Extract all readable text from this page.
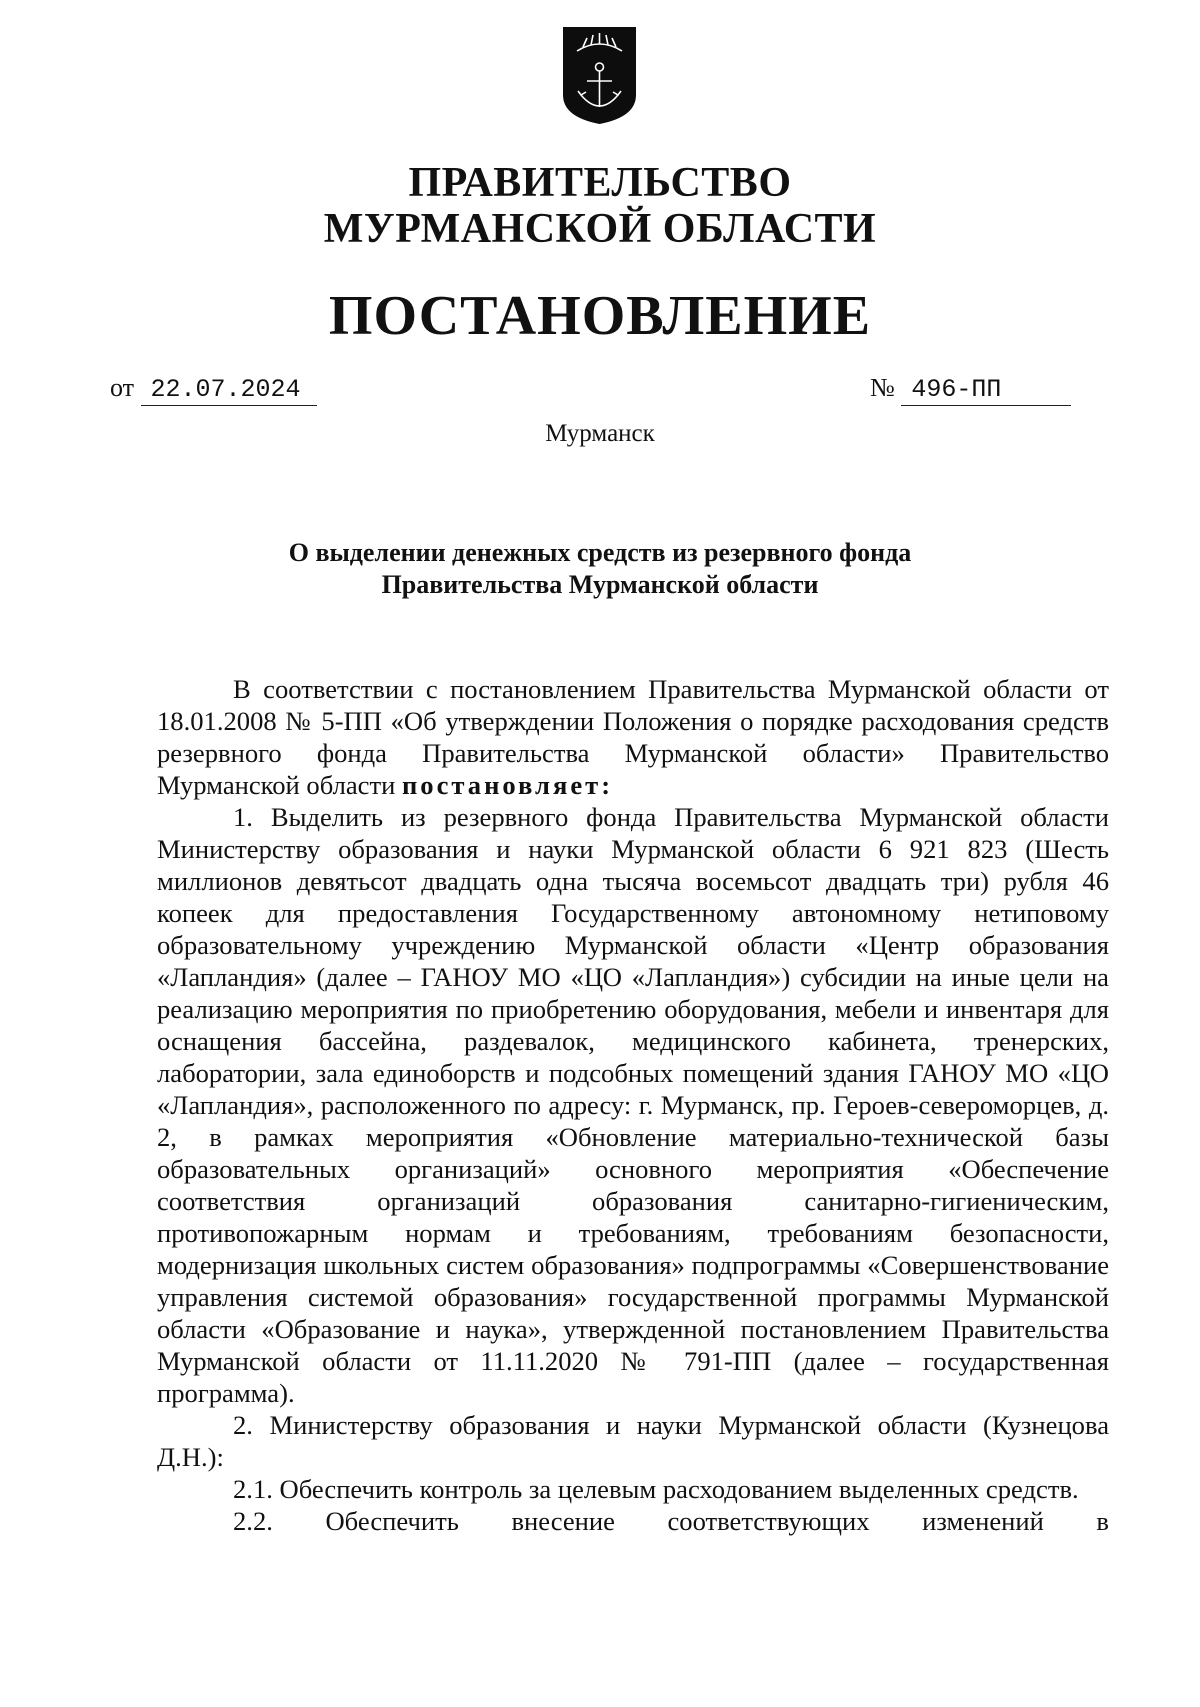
ПРАВИТЕЛЬСТВО
МУРМАНСКОЙ ОБЛАСТИ
ПОСТАНОВЛЕНИЕ
от 22.07.2024	№ 496-ПП
Мурманск
О выделении денежных средств из резервного фонда
Правительства Мурманской области

В соответствии с постановлением Правительства Мурманской области от 18.01.2008 № 5-ПП «Об утверждении Положения о порядке расходования средств резервного фонда Правительства Мурманской области» Правительство Мурманской области постановляет:

1. Выделить из резервного фонда Правительства Мурманской области Министерству образования и науки Мурманской области 6 921 823 (Шесть миллионов девятьсот двадцать одна тысяча восемьсот двадцать три) рубля 46 копеек для предоставления Государственному автономному нетиповому образовательному учреждению Мурманской области «Центр образования «Лапландия» (далее – ГАНОУ МО «ЦО «Лапландия») субсидии на иные цели на реализацию мероприятия по приобретению оборудования, мебели и инвентаря для оснащения бассейна, раздевалок, медицинского кабинета, тренерских, лаборатории, зала единоборств и подсобных помещений здания ГАНОУ МО «ЦО «Лапландия», расположенного по адресу: г. Мурманск, пр. Героев-североморцев, д. 2, в рамках мероприятия «Обновление материально-технической базы образовательных организаций» основного мероприятия «Обеспечение соответствия организаций образования санитарно-гигиеническим, противопожарным нормам и требованиям, требованиям безопасности, модернизация школьных систем образования» подпрограммы «Совершенствование управления системой образования» государственной программы Мурманской области «Образование и наука», утвержденной постановлением Правительства Мурманской области от 11.11.2020 № 791-ПП (далее – государственная программа).

2. Министерству образования и науки Мурманской области (Кузнецова Д.Н.):

2.1. Обеспечить контроль за целевым расходованием выделенных средств.

2.2. Обеспечить внесение соответствующих изменений в
